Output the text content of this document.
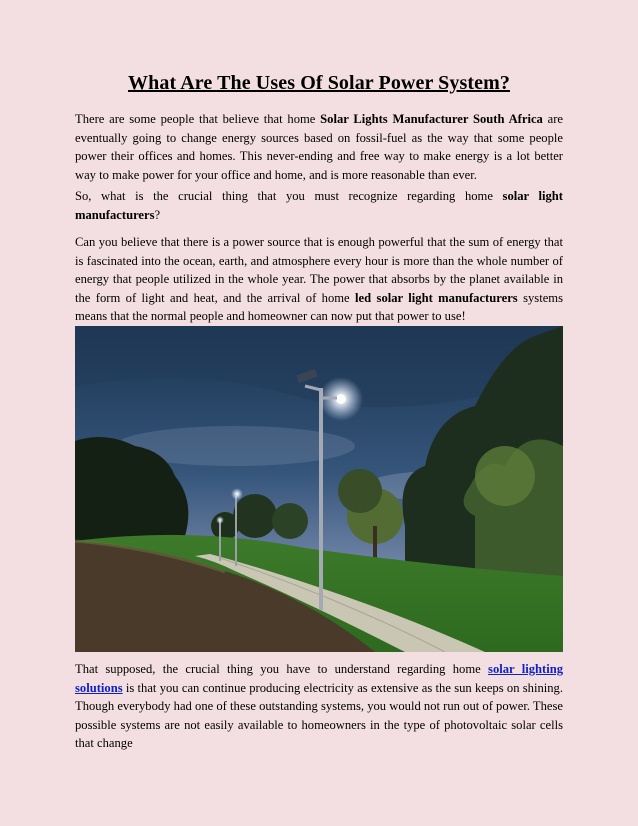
What Are The Uses Of Solar Power System?

There are some people that believe that home Solar Lights Manufacturer South Africa are eventually going to change energy sources based on fossil-fuel as the way that some people power their offices and homes. This never-ending and free way to make energy is a lot better way to make power for your office and home, and is more reasonable than ever.

So, what is the crucial thing that you must recognize regarding home solar light manufacturers?

Can you believe that there is a power source that is enough powerful that the sum of energy that is fascinated into the ocean, earth, and atmosphere every hour is more than the whole number of energy that people utilized in the whole year. The power that absorbs by the planet available in the form of light and heat, and the arrival of home led solar light manufacturers systems means that the normal people and homeowner can now put that power to use!

That supposed, the crucial thing you have to understand regarding home solar lighting solutions is that you can continue producing electricity as extensive as the sun keeps on shining. Though everybody had one of these outstanding systems, you would not run out of power. These possible systems are not easily available to homeowners in the type of photovoltaic solar cells that change
